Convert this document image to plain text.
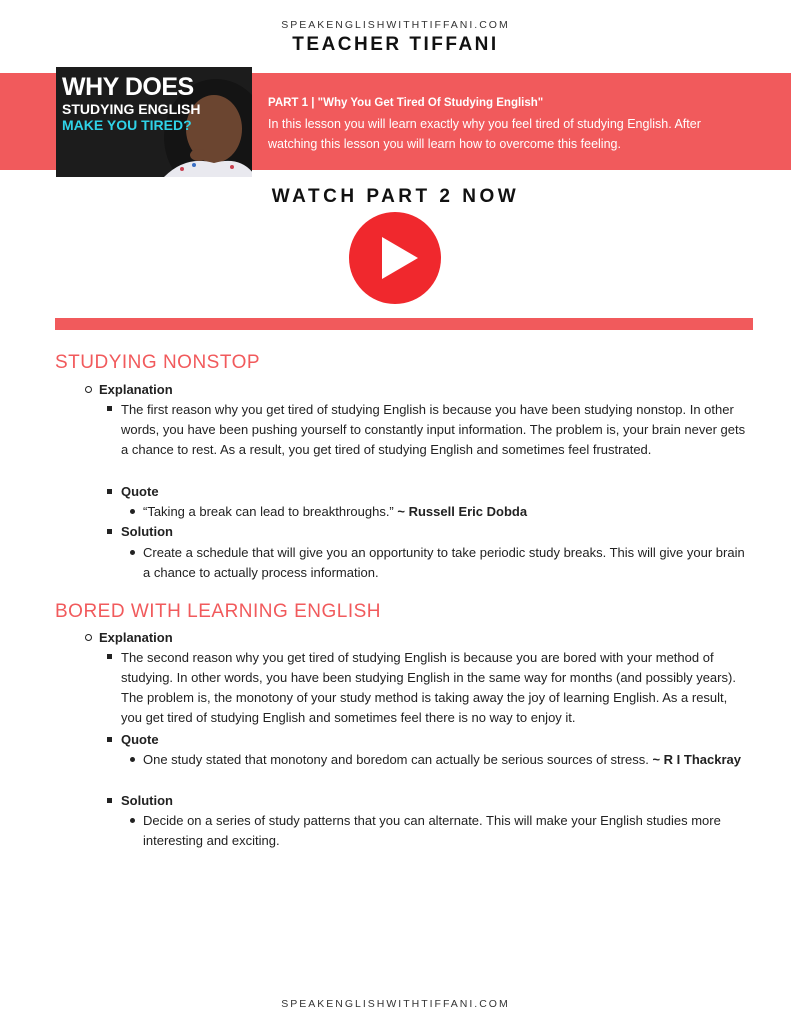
SPEAKENGLISHWITHTIFFANI.COM
TEACHER TIFFANI
WHY DOES
STUDYING ENGLISH
MAKE YOU TIRED?
PART 1 | "Why You Get Tired Of Studying English"
In this lesson you will learn exactly why you feel tired of studying English. After watching this lesson you will learn how to overcome this feeling.
WATCH PART 2 NOW
STUDYING NONSTOP
Explanation
The first reason why you get tired of studying English is because you have been studying nonstop. In other words, you have been pushing yourself to constantly input information. The problem is, your brain never gets a chance to rest. As a result, you get tired of studying English and sometimes feel frustrated.
Quote
“Taking a break can lead to breakthroughs.” ~ Russell Eric Dobda
Solution
Create a schedule that will give you an opportunity to take periodic study breaks. This will give your brain a chance to actually process information.
BORED WITH LEARNING ENGLISH
Explanation
The second reason why you get tired of studying English is because you are bored with your method of studying. In other words, you have been studying English in the same way for months (and possibly years). The problem is, the monotony of your study method is taking away the joy of learning English. As a result, you get tired of studying English and sometimes feel there is no way to enjoy it.
Quote
One study stated that monotony and boredom can actually be serious sources of stress. ~ R I Thackray
Solution
Decide on a series of study patterns that you can alternate. This will make your English studies more interesting and exciting.
SPEAKENGLISHWITHTIFFANI.COM
